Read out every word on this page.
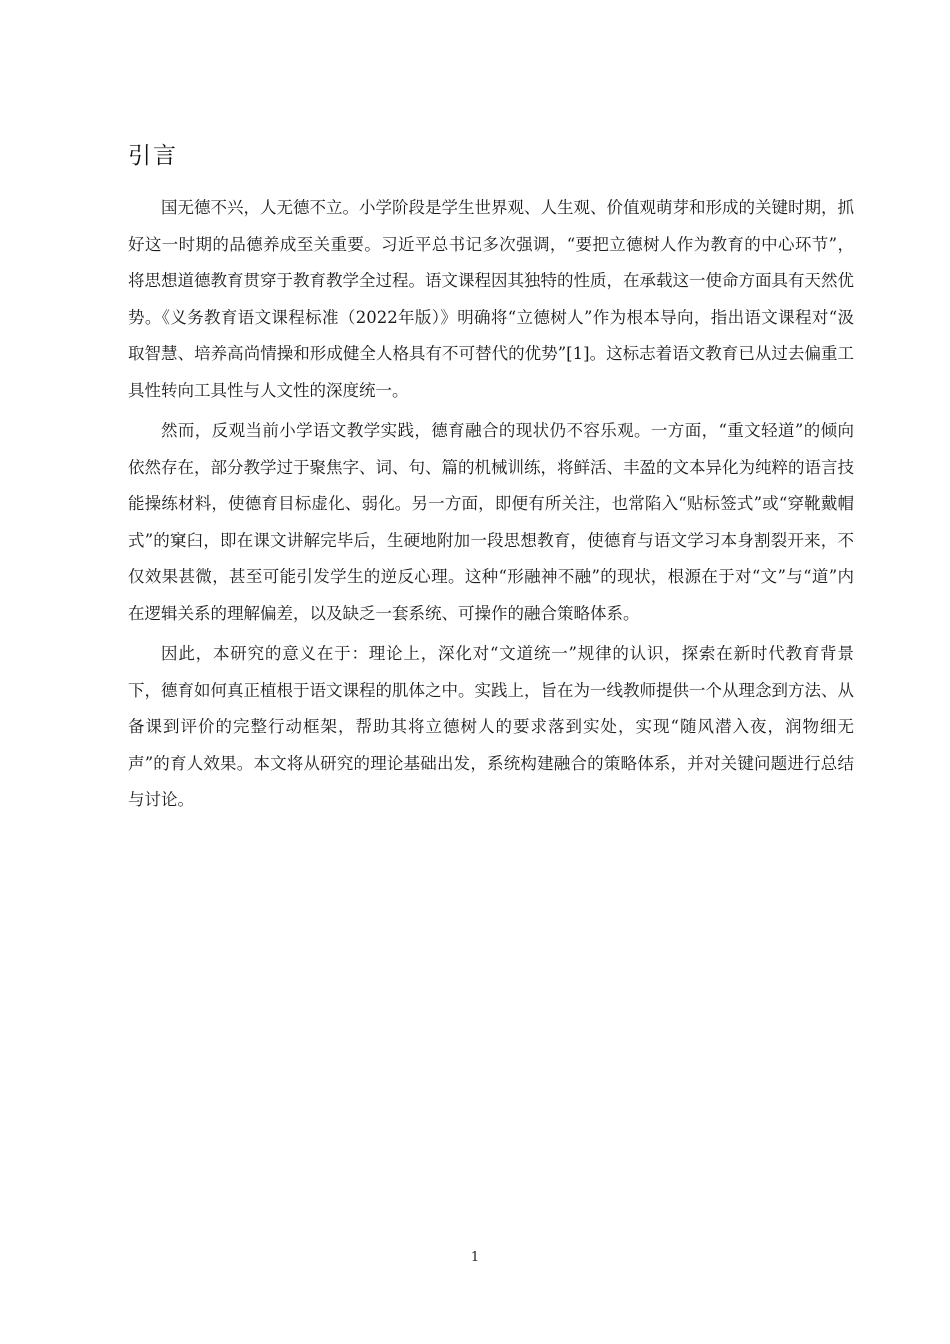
引言

国无德不兴，人无德不立。小学阶段是学生世界观、人生观、价值观萌芽和形成的关键时期，抓好这一时期的品德养成至关重要。习近平总书记多次强调，“要把立德树人作为教育的中心环节”，将思想道德教育贯穿于教育教学全过程。语文课程因其独特的性质，在承载这一使命方面具有天然优势。《义务教育语文课程标准（2022年版）》明确将“立德树人”作为根本导向，指出语文课程对“汲取智慧、培养高尚情操和形成健全人格具有不可替代的优势”[1]。这标志着语文教育已从过去偏重工具性转向工具性与人文性的深度统一。

然而，反观当前小学语文教学实践，德育融合的现状仍不容乐观。一方面，“重文轻道”的倾向依然存在，部分教学过于聚焦字、词、句、篇的机械训练，将鲜活、丰盈的文本异化为纯粹的语言技能操练材料，使德育目标虚化、弱化。另一方面，即便有所关注，也常陷入“贴标签式”或“穿靴戴帽式”的窠臼，即在课文讲解完毕后，生硬地附加一段思想教育，使德育与语文学习本身割裂开来，不仅效果甚微，甚至可能引发学生的逆反心理。这种“形融神不融”的现状，根源在于对“文”与“道”内在逻辑关系的理解偏差，以及缺乏一套系统、可操作的融合策略体系。

因此，本研究的意义在于：理论上，深化对“文道统一”规律的认识，探索在新时代教育背景下，德育如何真正植根于语文课程的肌体之中。实践上，旨在为一线教师提供一个从理念到方法、从备课到评价的完整行动框架，帮助其将立德树人的要求落到实处，实现“随风潜入夜，润物细无声”的育人效果。本文将从研究的理论基础出发，系统构建融合的策略体系，并对关键问题进行总结与讨论。

1
